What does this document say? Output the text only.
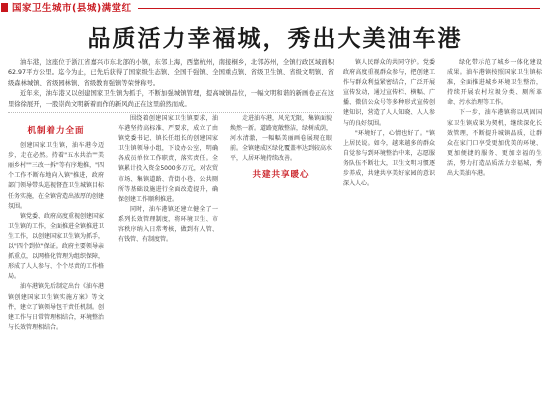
国家卫生城市(县城)满堂红
品质活力幸福城，秀出大美油车港

油车港，这座位于浙江省嘉兴市东北部的小镇，东邻上海，西靠杭州，南接桐乡，北邻苏州，全镇行政区域面积62.97平方公里。迄今为止，已先后获得了国家级生态镇、全国千强镇、全国重点镇、省级卫生镇、省级文明镇、省级森林城镇、省级园林镇、省级教育强镇等荣誉称号。

近年来，油车港又以创建国家卫生镇为抓手，不断加强城镇管理，提高城镇品位，一幅文明和谐的新画卷正在这里徐徐展开，一股崇尚文明新着而作的新风尚正在这里蔚然而成。

机制着力全面

创建国家卫生镇，油车港今迈步，走在必然。持着"五水共治""美丽乡村""三改一拆"等有序地推，"四个工作不断布地向入镇"推进，政府部门领导带头巡视督查卫生城镇目标任务实施，在全镇营造出浓厚的创建氛围。

镇党委、政府高度重视创建国家卫生镇的工作，全面推进全镇推进卫生工作，以创建国家卫生镇为抓手，以"四个到位"保证。政府主要领导亲抓重点，以网格化管理为组织保障，形成了人人参与、个个尽责的工作格局。

油车港镇先后制定出台《油车港镇创建国家卫生镇实施方案》等文件，建立了镇领导包干责任机制。创建工作与日常管理相结合，环境整治与长效管理相结合。

围绕着创建国家卫生镇要求，油车港坚持高标准、严要求，成立了由镇党委书记、镇长任组长的创建国家卫生镇领导小组，下设办公室，明确各成员单位工作职责，落实责任。全镇累计投入资金5000多万元，对农贸市场、集镇道路、背街小巷、公共厕所等基础设施进行全面改造提升，确保创建工作顺利推进。

同时，油车港镇还建立健全了一系列长效管理制度，将环境卫生、市容秩序纳入日常考核，做到有人管、有钱管、有制度管。

走进油车港，风光无限，集镇面貌焕然一新。道路宽敞整洁，绿树成荫，河水清澈，一幅幅美丽画卷展现在眼前。全镇建成区绿化覆盖率达到较高水平，人居环境持续改善。

共建共享暖心

镇人民群众的共同守护。党委政府高度重视群众参与，把创建工作与群众利益紧密结合，广泛开展宣传发动，通过宣传栏、横幅、广播、微信公众号等多种形式宣传创建知识，营造了人人知晓、人人参与的良好氛围。

"环境好了，心情也好了。"镇上居民说。如今，越来越多的群众自觉参与到环境整治中来，志愿服务队伍不断壮大，卫生文明习惯逐步养成，共建共享美好家园的意识深入人心。

绿化带示范了城乡一体化建设成果。油车港镇按照国家卫生镇标准，全面推进城乡环境卫生整治，持续开展农村垃圾分类、厕所革命、污水治理等工作。

下一步，油车港镇将以巩固国家卫生镇成果为契机，继续深化长效管理，不断提升城镇品质，让群众在家门口享受更加优美的环境、更加便捷的服务、更加幸福的生活，努力打造品质活力幸福城，秀出大美油车港。
